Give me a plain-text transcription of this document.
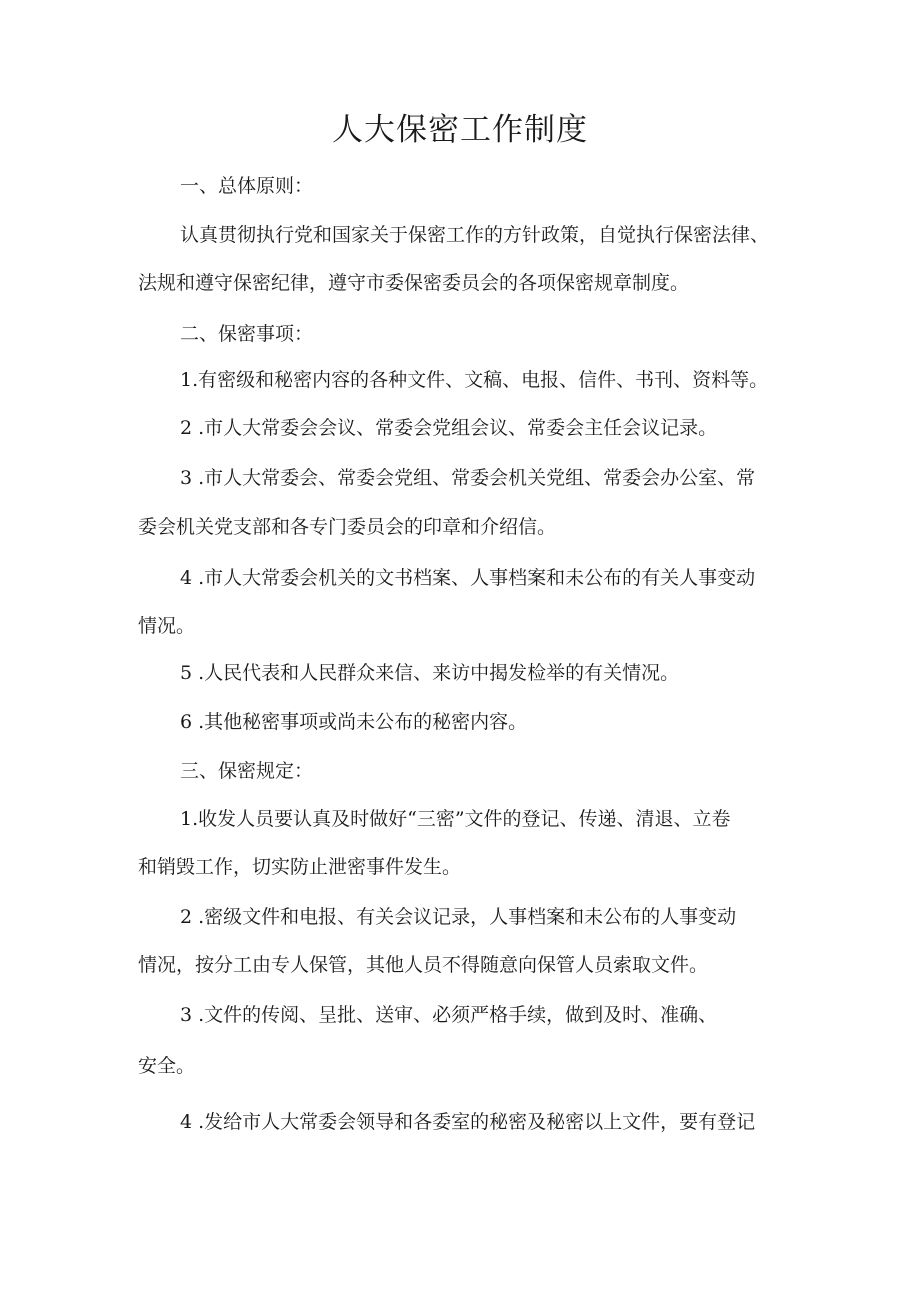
人大保密工作制度
一、总体原则：
认真贯彻执行党和国家关于保密工作的方针政策，自觉执行保密法律、
法规和遵守保密纪律，遵守市委保密委员会的各项保密规章制度。
二、保密事项：
1.有密级和秘密内容的各种文件、文稿、电报、信件、书刊、资料等。
2 .市人大常委会会议、常委会党组会议、常委会主任会议记录。
3 .市人大常委会、常委会党组、常委会机关党组、常委会办公室、常
委会机关党支部和各专门委员会的印章和介绍信。
4 .市人大常委会机关的文书档案、人事档案和未公布的有关人事变动
情况。
5 .人民代表和人民群众来信、来访中揭发检举的有关情况。
6 .其他秘密事项或尚未公布的秘密内容。
三、保密规定：
1.收发人员要认真及时做好“三密”文件的登记、传递、清退、立卷
和销毁工作，切实防止泄密事件发生。
2 .密级文件和电报、有关会议记录，人事档案和未公布的人事变动
情况，按分工由专人保管，其他人员不得随意向保管人员索取文件。
3 .文件的传阅、呈批、送审、必须严格手续，做到及时、准确、
安全。
4 .发给市人大常委会领导和各委室的秘密及秘密以上文件，要有登记
